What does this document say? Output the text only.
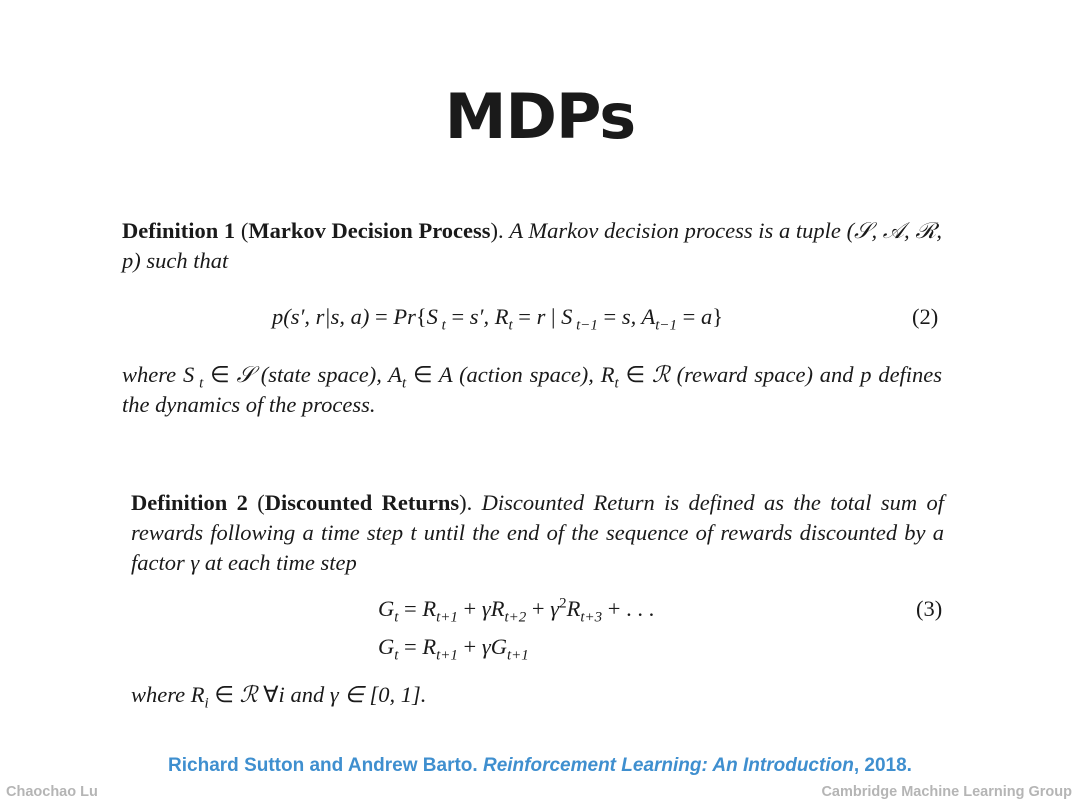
MDPs
Definition 1 (Markov Decision Process). A Markov decision process is a tuple (𝒮, 𝒜, ℛ, p) such that
p(s′, r|s, a) = Pr{S $_t$ = s′, $R_t = r$ | S $_{t-1}$ = s, $A_{t-1} = a$}	(2)
where S $_t$ ∈ 𝒮 (state space), $A_t$ ∈ A (action space), $R_t$ ∈ ℛ (reward space) and p defines the dynamics of the process.
Definition 2 (Discounted Returns). Discounted Return is defined as the total sum of rewards following a time step t until the end of the sequence of rewards discounted by a factor γ at each time step
$G_t = R_{t+1} + \gamma R_{t+2} + \gamma^2R_{t+3}$ + . . .	(3)
$G_t = R_{t+1} + \gamma G_{t+1}$
where $R_i$ ∈ ℛ ∀i and γ ∈ [0, 1].
Richard Sutton and Andrew Barto. Reinforcement Learning: An Introduction, 2018.
Chaochao Lu	Cambridge Machine Learning Group
